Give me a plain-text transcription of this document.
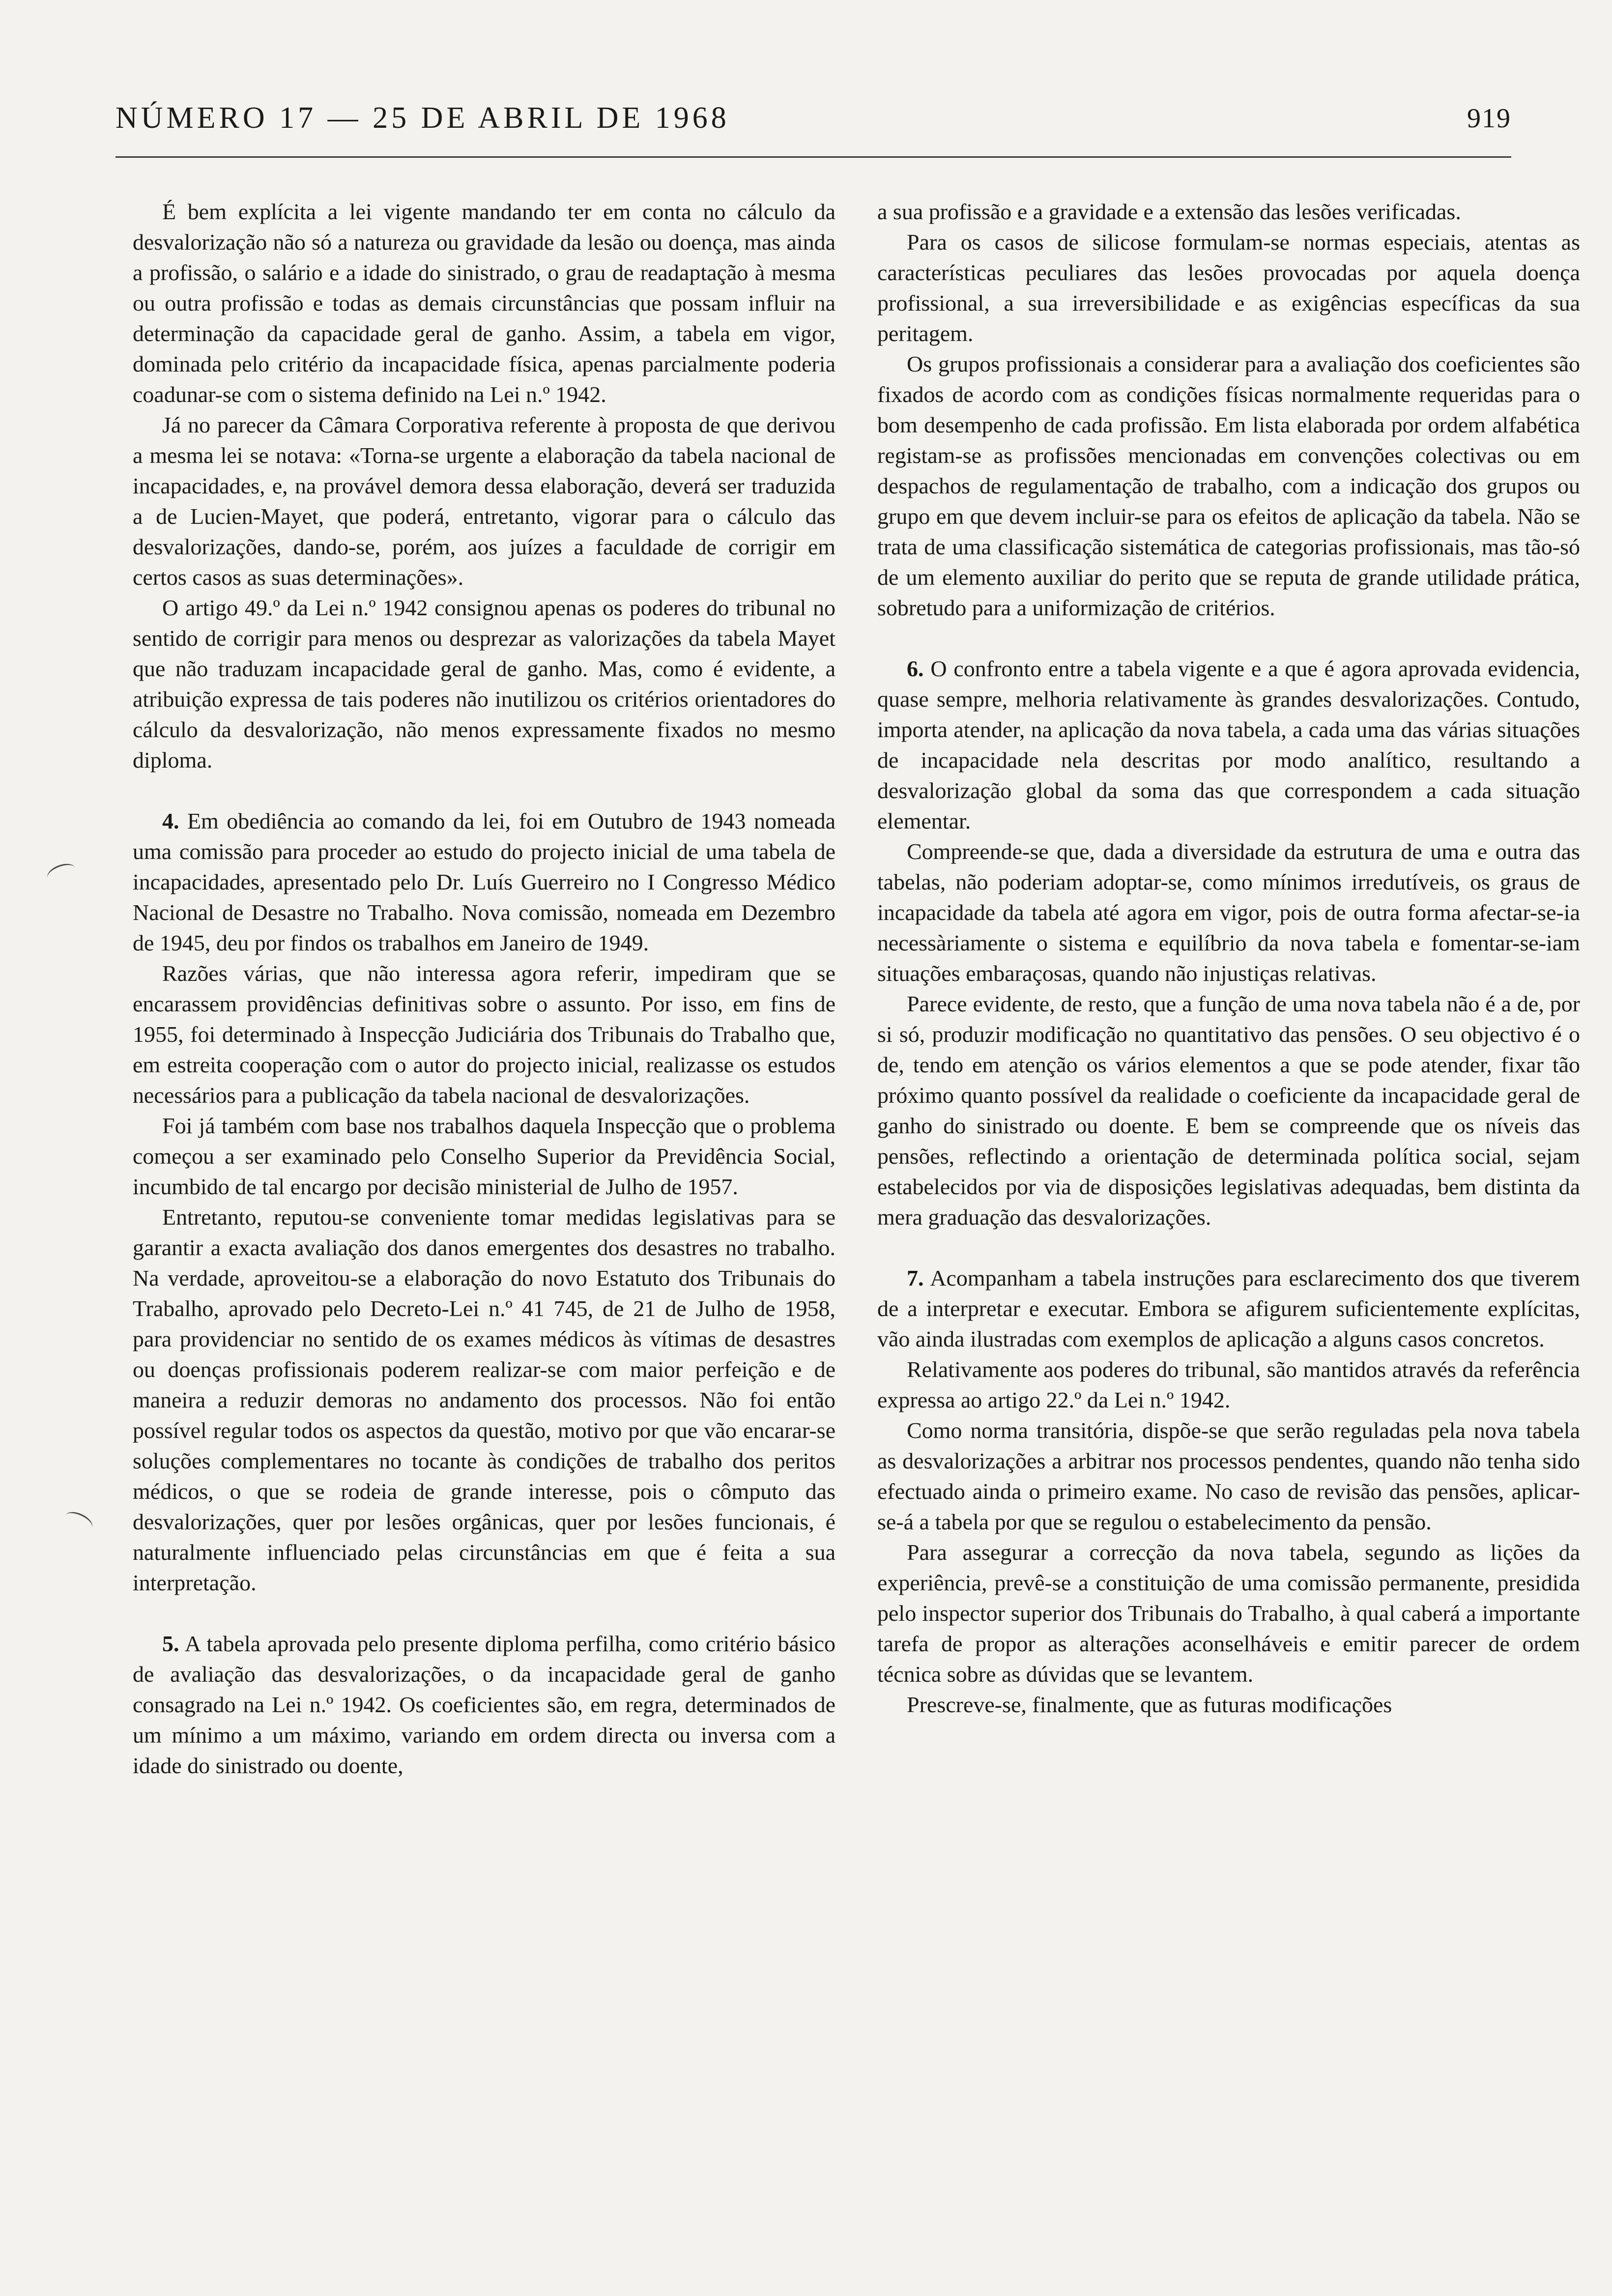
NÚMERO 17 — 25 DE ABRIL DE 1968	919

É bem explícita a lei vigente mandando ter em conta no cálculo da desvalorização não só a natureza ou gravidade da lesão ou doença, mas ainda a profissão, o salário e a idade do sinistrado, o grau de readaptação à mesma ou outra profissão e todas as demais circunstâncias que possam influir na determinação da capacidade geral de ganho. Assim, a tabela em vigor, dominada pelo critério da incapacidade física, apenas parcialmente poderia coadunar-se com o sistema definido na Lei n.º 1942.

Já no parecer da Câmara Corporativa referente à proposta de que derivou a mesma lei se notava: «Torna-se urgente a elaboração da tabela nacional de incapacidades, e, na provável demora dessa elaboração, deverá ser traduzida a de Lucien-Mayet, que poderá, entretanto, vigorar para o cálculo das desvalorizações, dando-se, porém, aos juízes a faculdade de corrigir em certos casos as suas determinações».

O artigo 49.º da Lei n.º 1942 consignou apenas os poderes do tribunal no sentido de corrigir para menos ou desprezar as valorizações da tabela Mayet que não traduzam incapacidade geral de ganho. Mas, como é evidente, a atribuição expressa de tais poderes não inutilizou os critérios orientadores do cálculo da desvalorização, não menos expressamente fixados no mesmo diploma.

4. Em obediência ao comando da lei, foi em Outubro de 1943 nomeada uma comissão para proceder ao estudo do projecto inicial de uma tabela de incapacidades, apresentado pelo Dr. Luís Guerreiro no I Congresso Médico Nacional de Desastre no Trabalho. Nova comissão, nomeada em Dezembro de 1945, deu por findos os trabalhos em Janeiro de 1949.

Razões várias, que não interessa agora referir, impediram que se encarassem providências definitivas sobre o assunto. Por isso, em fins de 1955, foi determinado à Inspecção Judiciária dos Tribunais do Trabalho que, em estreita cooperação com o autor do projecto inicial, realizasse os estudos necessários para a publicação da tabela nacional de desvalorizações.

Foi já também com base nos trabalhos daquela Inspecção que o problema começou a ser examinado pelo Conselho Superior da Previdência Social, incumbido de tal encargo por decisão ministerial de Julho de 1957.

Entretanto, reputou-se conveniente tomar medidas legislativas para se garantir a exacta avaliação dos danos emergentes dos desastres no trabalho. Na verdade, aproveitou-se a elaboração do novo Estatuto dos Tribunais do Trabalho, aprovado pelo Decreto-Lei n.º 41 745, de 21 de Julho de 1958, para providenciar no sentido de os exames médicos às vítimas de desastres ou doenças profissionais poderem realizar-se com maior perfeição e de maneira a reduzir demoras no andamento dos processos. Não foi então possível regular todos os aspectos da questão, motivo por que vão encarar-se soluções complementares no tocante às condições de trabalho dos peritos médicos, o que se rodeia de grande interesse, pois o cômputo das desvalorizações, quer por lesões orgânicas, quer por lesões funcionais, é naturalmente influenciado pelas circunstâncias em que é feita a sua interpretação.

5. A tabela aprovada pelo presente diploma perfilha, como critério básico de avaliação das desvalorizações, o da incapacidade geral de ganho consagrado na Lei n.º 1942. Os coeficientes são, em regra, determinados de um mínimo a um máximo, variando em ordem directa ou inversa com a idade do sinistrado ou doente,

a sua profissão e a gravidade e a extensão das lesões verificadas.

Para os casos de silicose formulam-se normas especiais, atentas as características peculiares das lesões provocadas por aquela doença profissional, a sua irreversibilidade e as exigências específicas da sua peritagem.

Os grupos profissionais a considerar para a avaliação dos coeficientes são fixados de acordo com as condições físicas normalmente requeridas para o bom desempenho de cada profissão. Em lista elaborada por ordem alfabética registam-se as profissões mencionadas em convenções colectivas ou em despachos de regulamentação de trabalho, com a indicação dos grupos ou grupo em que devem incluir-se para os efeitos de aplicação da tabela. Não se trata de uma classificação sistemática de categorias profissionais, mas tão-só de um elemento auxiliar do perito que se reputa de grande utilidade prática, sobretudo para a uniformização de critérios.

6. O confronto entre a tabela vigente e a que é agora aprovada evidencia, quase sempre, melhoria relativamente às grandes desvalorizações. Contudo, importa atender, na aplicação da nova tabela, a cada uma das várias situações de incapacidade nela descritas por modo analítico, resultando a desvalorização global da soma das que correspondem a cada situação elementar.

Compreende-se que, dada a diversidade da estrutura de uma e outra das tabelas, não poderiam adoptar-se, como mínimos irredutíveis, os graus de incapacidade da tabela até agora em vigor, pois de outra forma afectar-se-ia necessàriamente o sistema e equilíbrio da nova tabela e fomentar-se-iam situações embaraçosas, quando não injustiças relativas.

Parece evidente, de resto, que a função de uma nova tabela não é a de, por si só, produzir modificação no quantitativo das pensões. O seu objectivo é o de, tendo em atenção os vários elementos a que se pode atender, fixar tão próximo quanto possível da realidade o coeficiente da incapacidade geral de ganho do sinistrado ou doente. E bem se compreende que os níveis das pensões, reflectindo a orientação de determinada política social, sejam estabelecidos por via de disposições legislativas adequadas, bem distinta da mera graduação das desvalorizações.

7. Acompanham a tabela instruções para esclarecimento dos que tiverem de a interpretar e executar. Embora se afigurem suficientemente explícitas, vão ainda ilustradas com exemplos de aplicação a alguns casos concretos.

Relativamente aos poderes do tribunal, são mantidos através da referência expressa ao artigo 22.º da Lei n.º 1942.

Como norma transitória, dispõe-se que serão reguladas pela nova tabela as desvalorizações a arbitrar nos processos pendentes, quando não tenha sido efectuado ainda o primeiro exame. No caso de revisão das pensões, aplicar-se-á a tabela por que se regulou o estabelecimento da pensão.

Para assegurar a correcção da nova tabela, segundo as lições da experiência, prevê-se a constituição de uma comissão permanente, presidida pelo inspector superior dos Tribunais do Trabalho, à qual caberá a importante tarefa de propor as alterações aconselháveis e emitir parecer de ordem técnica sobre as dúvidas que se levantem.

Prescreve-se, finalmente, que as futuras modificações
